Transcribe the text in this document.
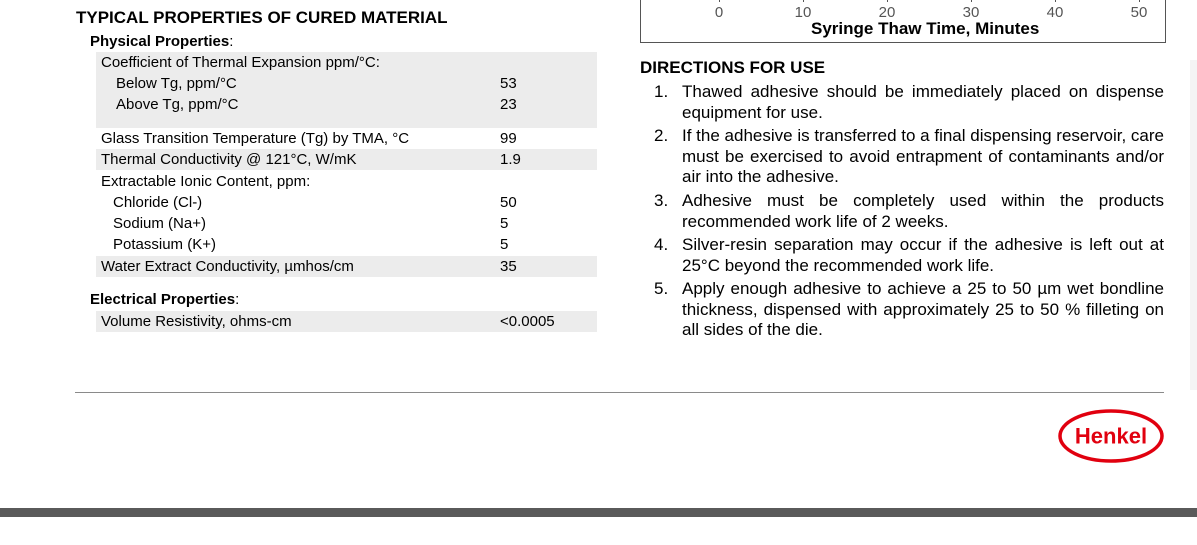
TYPICAL PROPERTIES OF CURED MATERIAL
Physical Properties:
Coefficient of Thermal Expansion ppm/°C:
Below Tg, ppm/°C	53
Above Tg, ppm/°C	23
Glass Transition Temperature (Tg) by TMA, °C	99
Thermal Conductivity @ 121°C, W/mK	1.9
Extractable Ionic Content, ppm:
Chloride (Cl-)	50
Sodium (Na+)	5
Potassium (K+)	5
Water Extract Conductivity, µmhos/cm	35
Electrical Properties:
Volume Resistivity, ohms-cm	<0.0005
0	10	20	30	40	50
Syringe Thaw Time, Minutes
DIRECTIONS FOR USE
1. Thawed adhesive should be immediately placed on dispense equipment for use.
2. If the adhesive is transferred to a final dispensing reservoir, care must be exercised to avoid entrapment of contaminants and/or air into the adhesive.
3. Adhesive must be completely used within the products recommended work life of 2 weeks.
4. Silver-resin separation may occur if the adhesive is left out at 25°C beyond the recommended work life.
5. Apply enough adhesive to achieve a 25 to 50 µm wet bondline thickness, dispensed with approximately 25 to 50 % filleting on all sides of the die.
Henkel
